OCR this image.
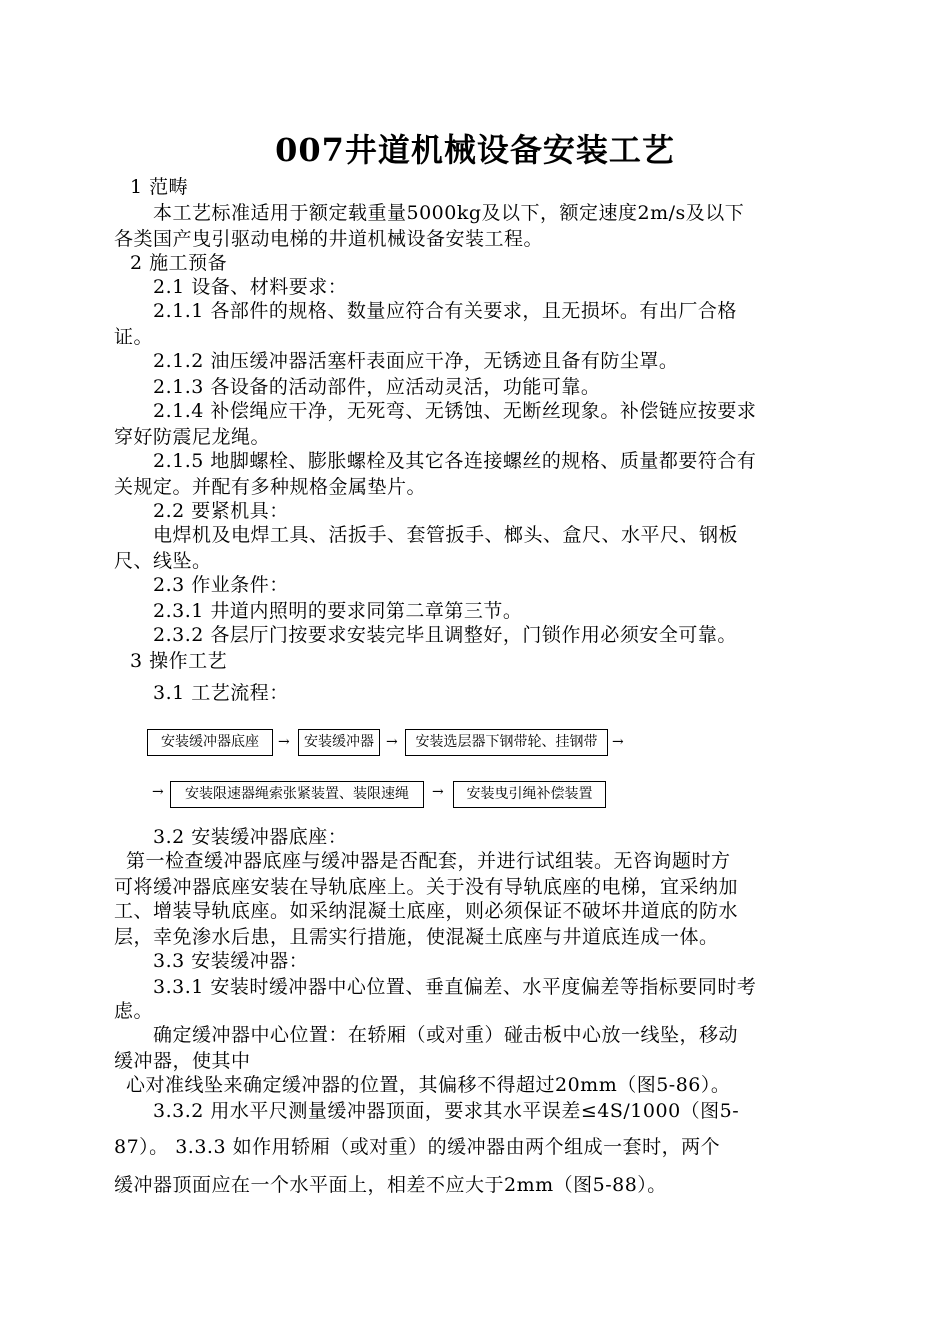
007井道机械设备安装工艺
1 范畴
本工艺标准适用于额定载重量5000kg及以下，额定速度2m/s及以下
各类国产曳引驱动电梯的井道机械设备安装工程。
2 施工预备
2.1 设备、材料要求：
2.1.1 各部件的规格、数量应符合有关要求，且无损坏。有出厂合格
证。
2.1.2 油压缓冲器活塞杆表面应干净，无锈迹且备有防尘罩。
2.1.3 各设备的活动部件，应活动灵活，功能可靠。
2.1.4 补偿绳应干净，无死弯、无锈蚀、无断丝现象。补偿链应按要求
穿好防震尼龙绳。
2.1.5 地脚螺栓、膨胀螺栓及其它各连接螺丝的规格、质量都要符合有
关规定。并配有多种规格金属垫片。
2.2 要紧机具：
电焊机及电焊工具、活扳手、套管扳手、榔头、盒尺、水平尺、钢板
尺、线坠。
2.3 作业条件：
2.3.1 井道内照明的要求同第二章第三节。
2.3.2 各层厅门按要求安装完毕且调整好，门锁作用必须安全可靠。
3 操作工艺
3.1 工艺流程：
安装缓冲器底座	→	安装缓冲器 →	安装选层器下钢带轮、挂钢带	→
→	安装限速器绳索张紧装置、装限速绳	→	安装曳引绳补偿装置
3.2 安装缓冲器底座：
第一检查缓冲器底座与缓冲器是否配套，并进行试组装。无咨询题时方
可将缓冲器底座安装在导轨底座上。关于没有导轨底座的电梯，宜采纳加
工、增装导轨底座。如采纳混凝土底座，则必须保证不破坏井道底的防水
层，幸免渗水后患，且需实行措施，使混凝土底座与井道底连成一体。
3.3 安装缓冲器：
3.3.1 安装时缓冲器中心位置、垂直偏差、水平度偏差等指标要同时考
虑。
确定缓冲器中心位置：在轿厢（或对重）碰击板中心放一线坠，移动
缓冲器，使其中
心对准线坠来确定缓冲器的位置，其偏移不得超过20mm（图5-86）。
3.3.2 用水平尺测量缓冲器顶面，要求其水平误差≤4S/1000（图5-
87）。 3.3.3 如作用轿厢（或对重）的缓冲器由两个组成一套时，两个
缓冲器顶面应在一个水平面上，相差不应大于2mm（图5-88）。
